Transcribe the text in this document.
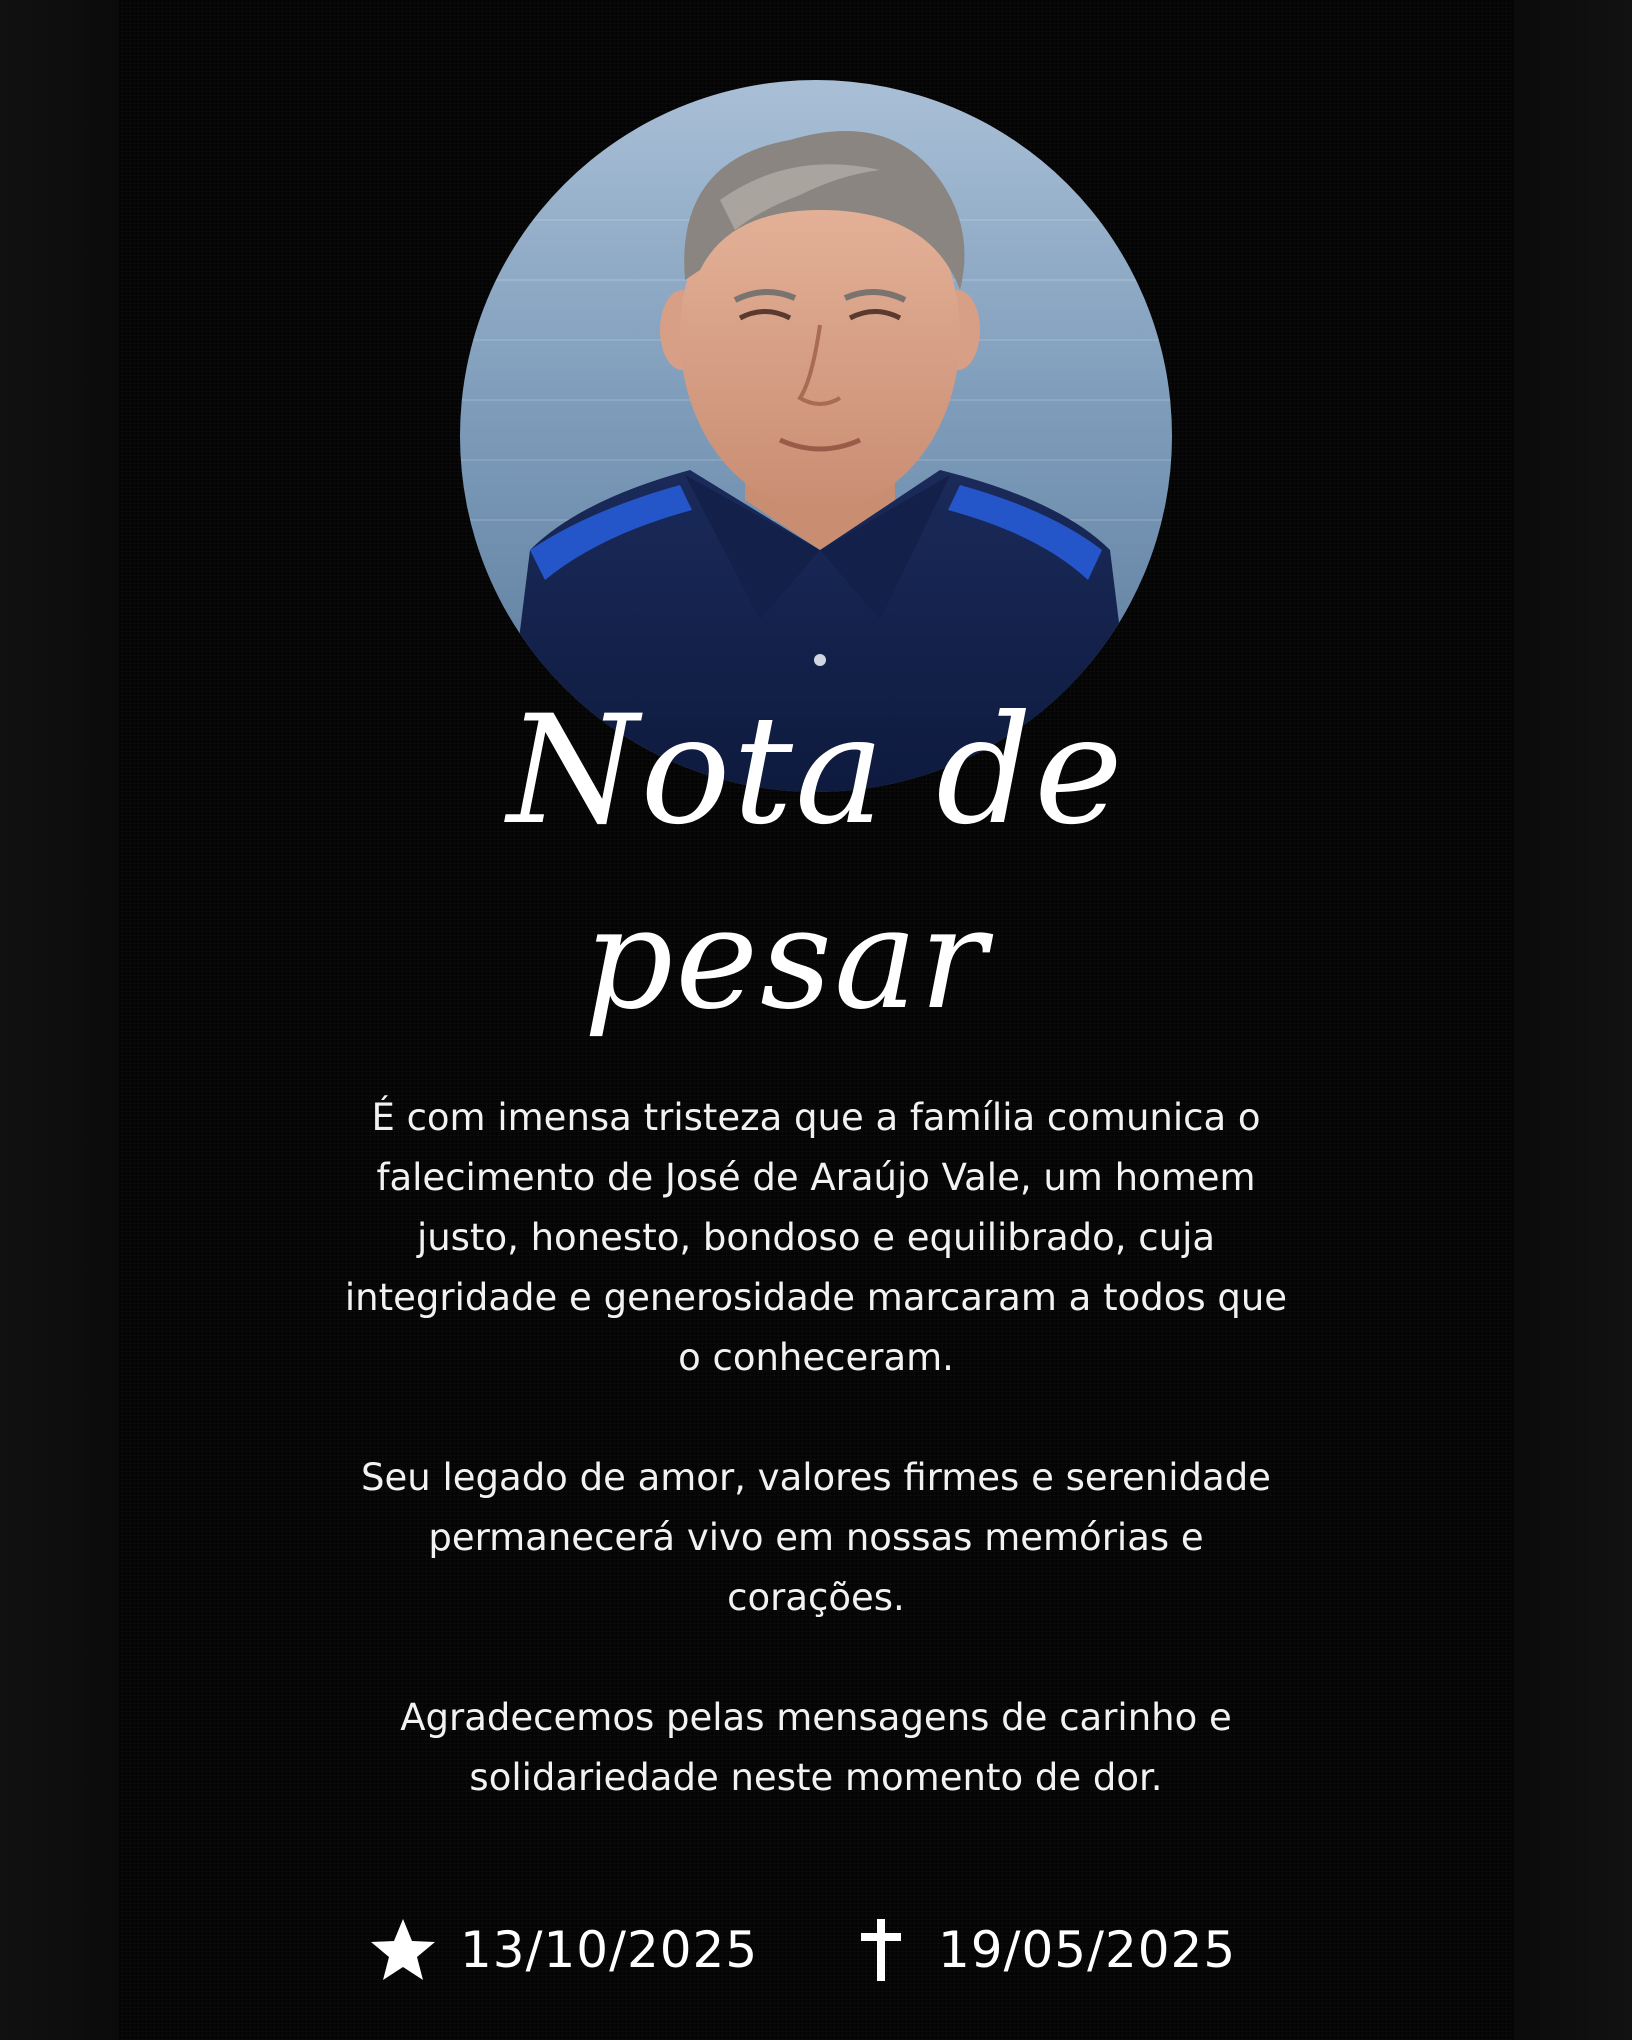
Nota de
pesar

É com imensa tristeza que a família comunica o falecimento de José de Araújo Vale, um homem justo, honesto, bondoso e equilibrado, cuja integridade e generosidade marcaram a todos que o conheceram.

Seu legado de amor, valores firmes e serenidade permanecerá vivo em nossas memórias e corações.

Agradecemos pelas mensagens de carinho e solidariedade neste momento de dor.

13/10/2025	19/05/2025
